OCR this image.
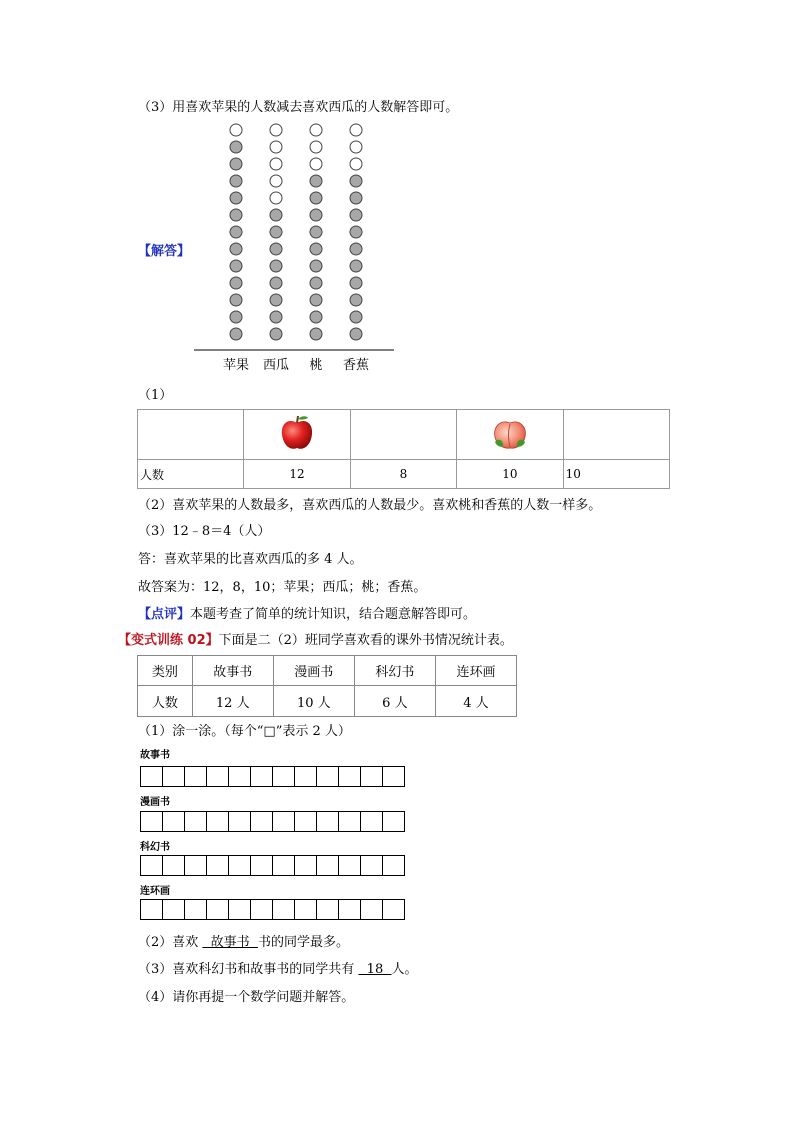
（3）用喜欢苹果的人数减去喜欢西瓜的人数解答即可。
【解答】
苹果 西瓜 桃 香蕉
（1）

人数	12	8	10	10
（2）喜欢苹果的人数最多，喜欢西瓜的人数最少。喜欢桃和香蕉的人数一样多。
（3）12﹣8＝4（人）
答：喜欢苹果的比喜欢西瓜的多 4 人。
故答案为：12，8，10；苹果；西瓜；桃；香蕉。
【点评】本题考查了简单的统计知识，结合题意解答即可。
【变式训练 02】下面是二（2）班同学喜欢看的课外书情况统计表。
类别	故事书	漫画书	科幻书	连环画
人数	12 人	10 人	6 人	4 人
（1）涂一涂。（每个“□”表示 2 人）
故事书
漫画书
科幻书
连环画
（2）喜欢   故事书  书的同学最多。
（3）喜欢科幻书和故事书的同学共有   18  人。
（4）请你再提一个数学问题并解答。
